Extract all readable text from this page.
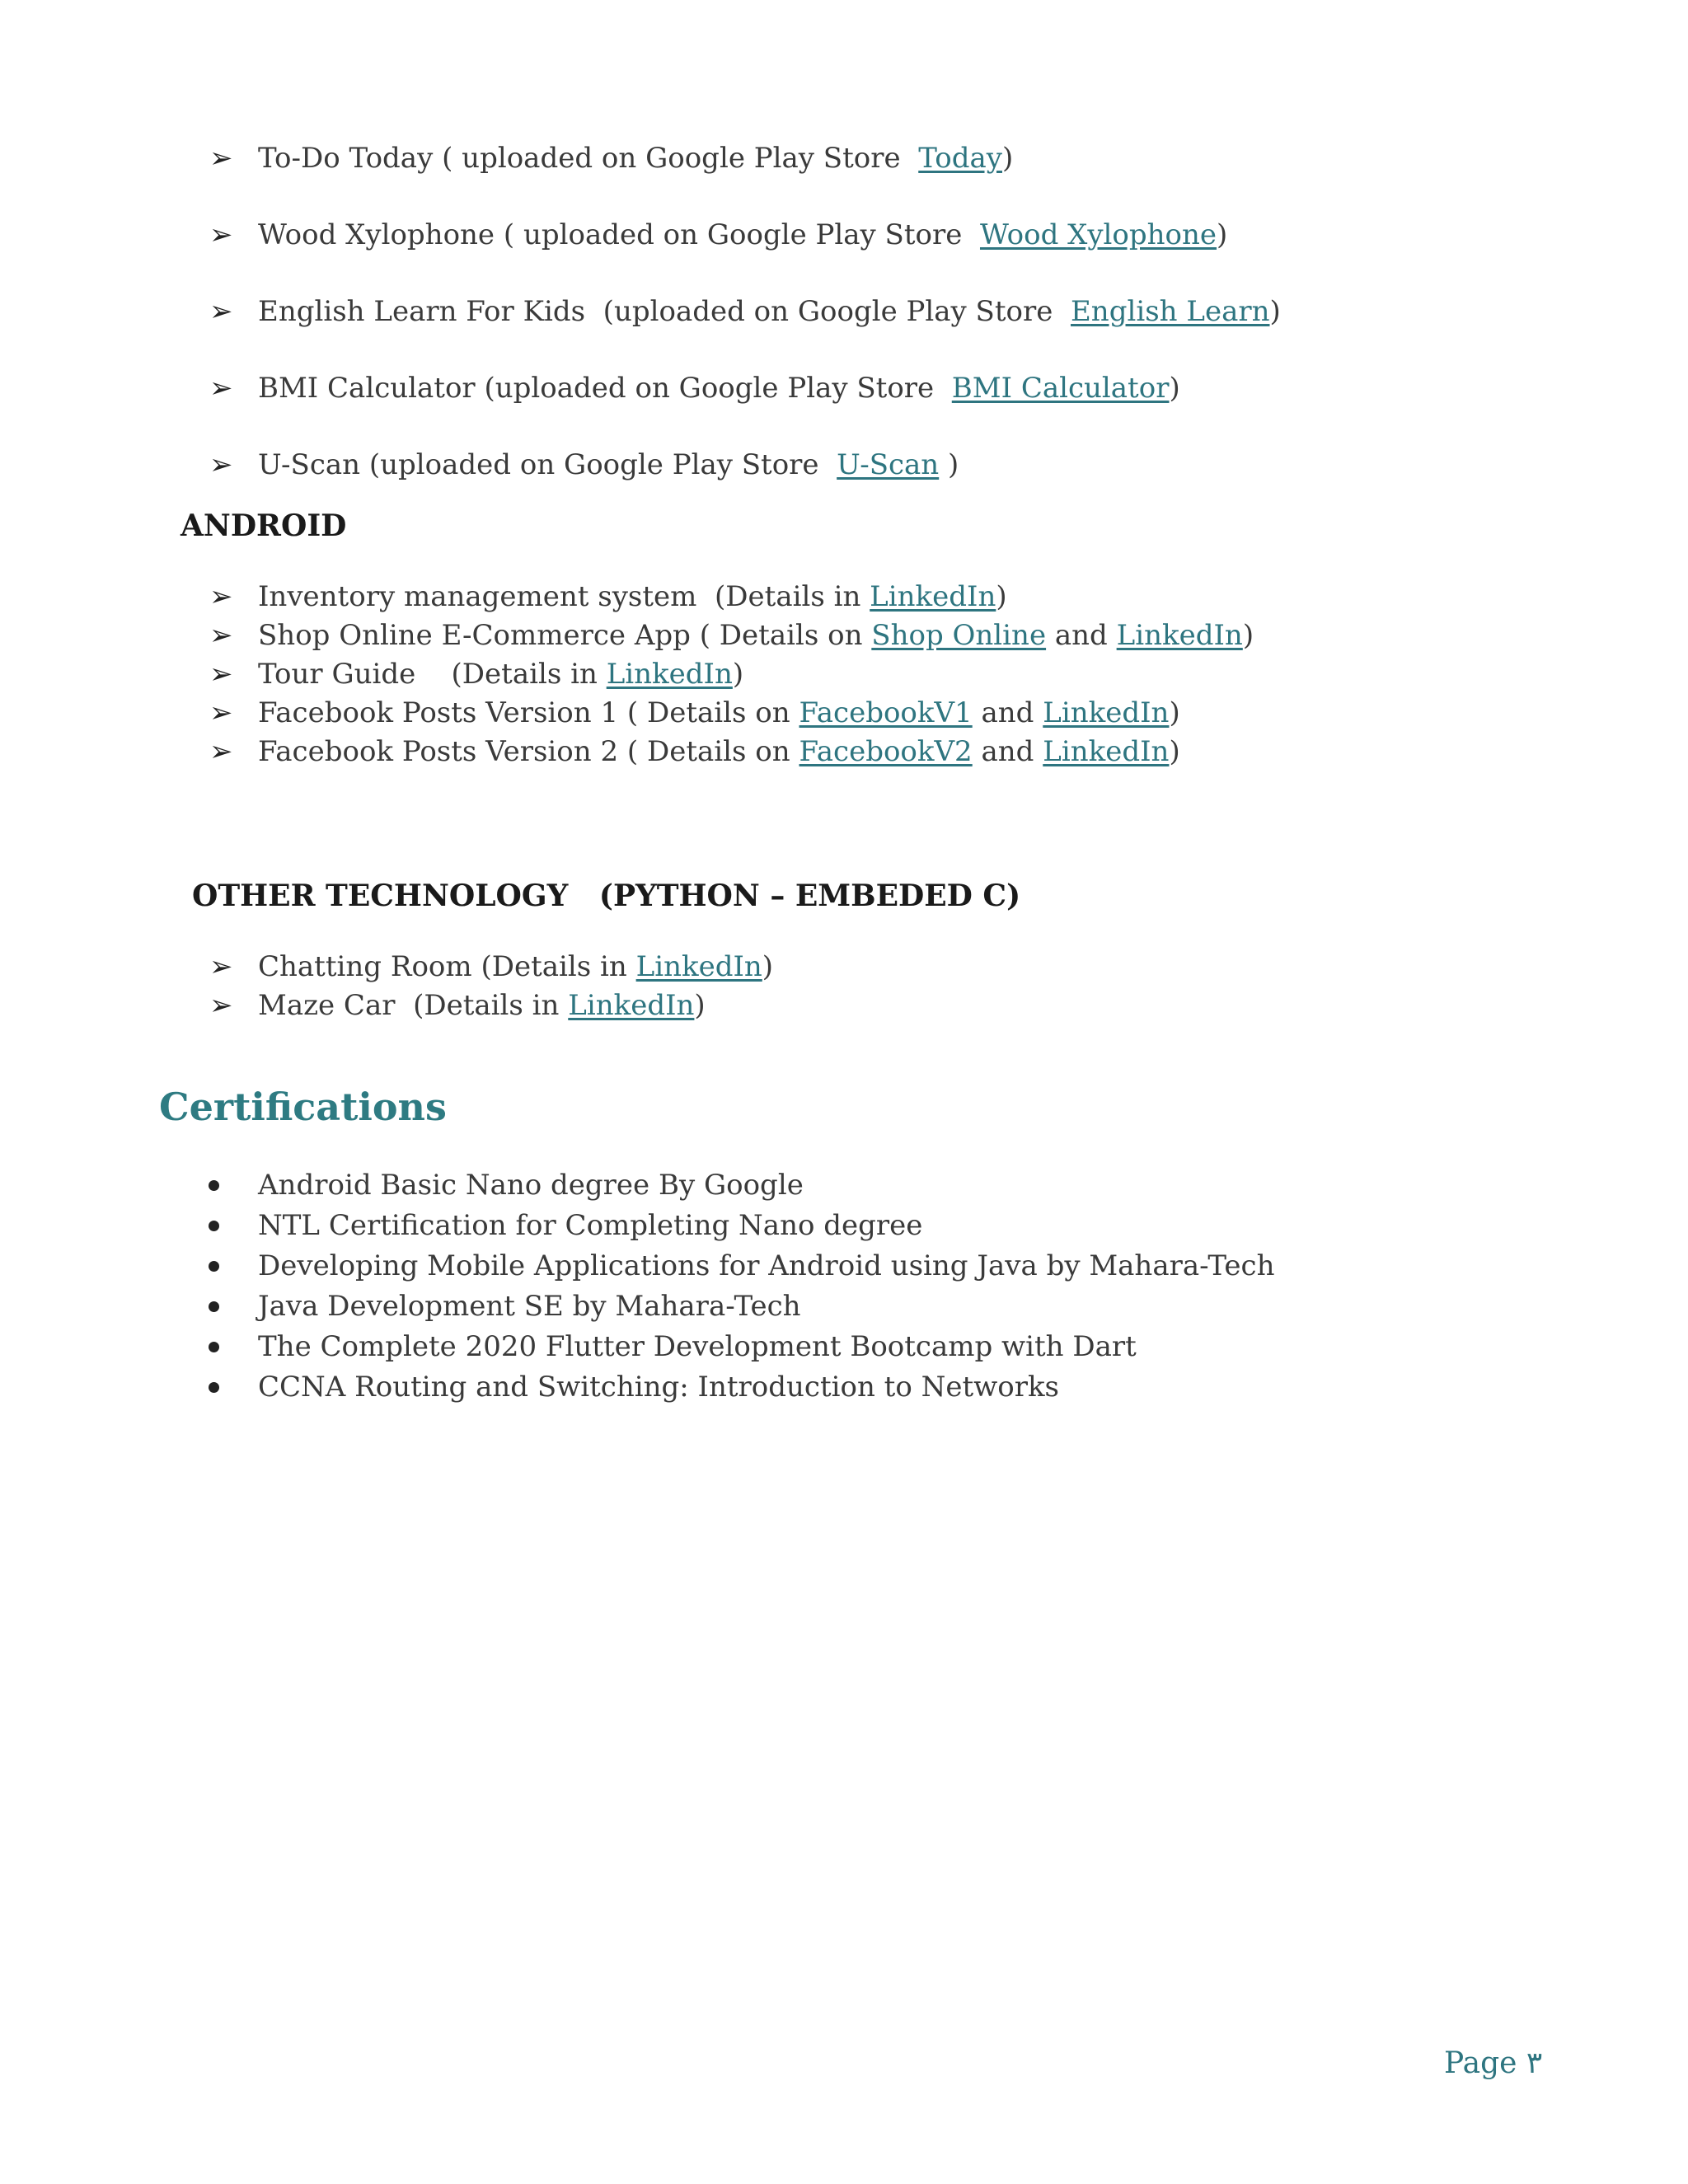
➢ To-Do Today ( uploaded on Google Play Store  Today)
➢ Wood Xylophone ( uploaded on Google Play Store  Wood Xylophone)
➢ English Learn For Kids  (uploaded on Google Play Store  English Learn)
➢ BMI Calculator (uploaded on Google Play Store  BMI Calculator)
➢ U-Scan (uploaded on Google Play Store  U-Scan )
ANDROID
➢ Inventory management system  (Details in LinkedIn)
➢ Shop Online E-Commerce App ( Details on Shop Online and LinkedIn)
➢ Tour Guide    (Details in LinkedIn)
➢ Facebook Posts Version 1 ( Details on FacebookV1 and LinkedIn)
➢ Facebook Posts Version 2 ( Details on FacebookV2 and LinkedIn)
OTHER TECHNOLOGY   (PYTHON – EMBEDED C)
➢ Chatting Room (Details in LinkedIn)
➢ Maze Car  (Details in LinkedIn)
Certifications
Android Basic Nano degree By Google
NTL Certification for Completing Nano degree
Developing Mobile Applications for Android using Java by Mahara-Tech
Java Development SE by Mahara-Tech
The Complete 2020 Flutter Development Bootcamp with Dart
CCNA Routing and Switching: Introduction to Networks
Page ٣
